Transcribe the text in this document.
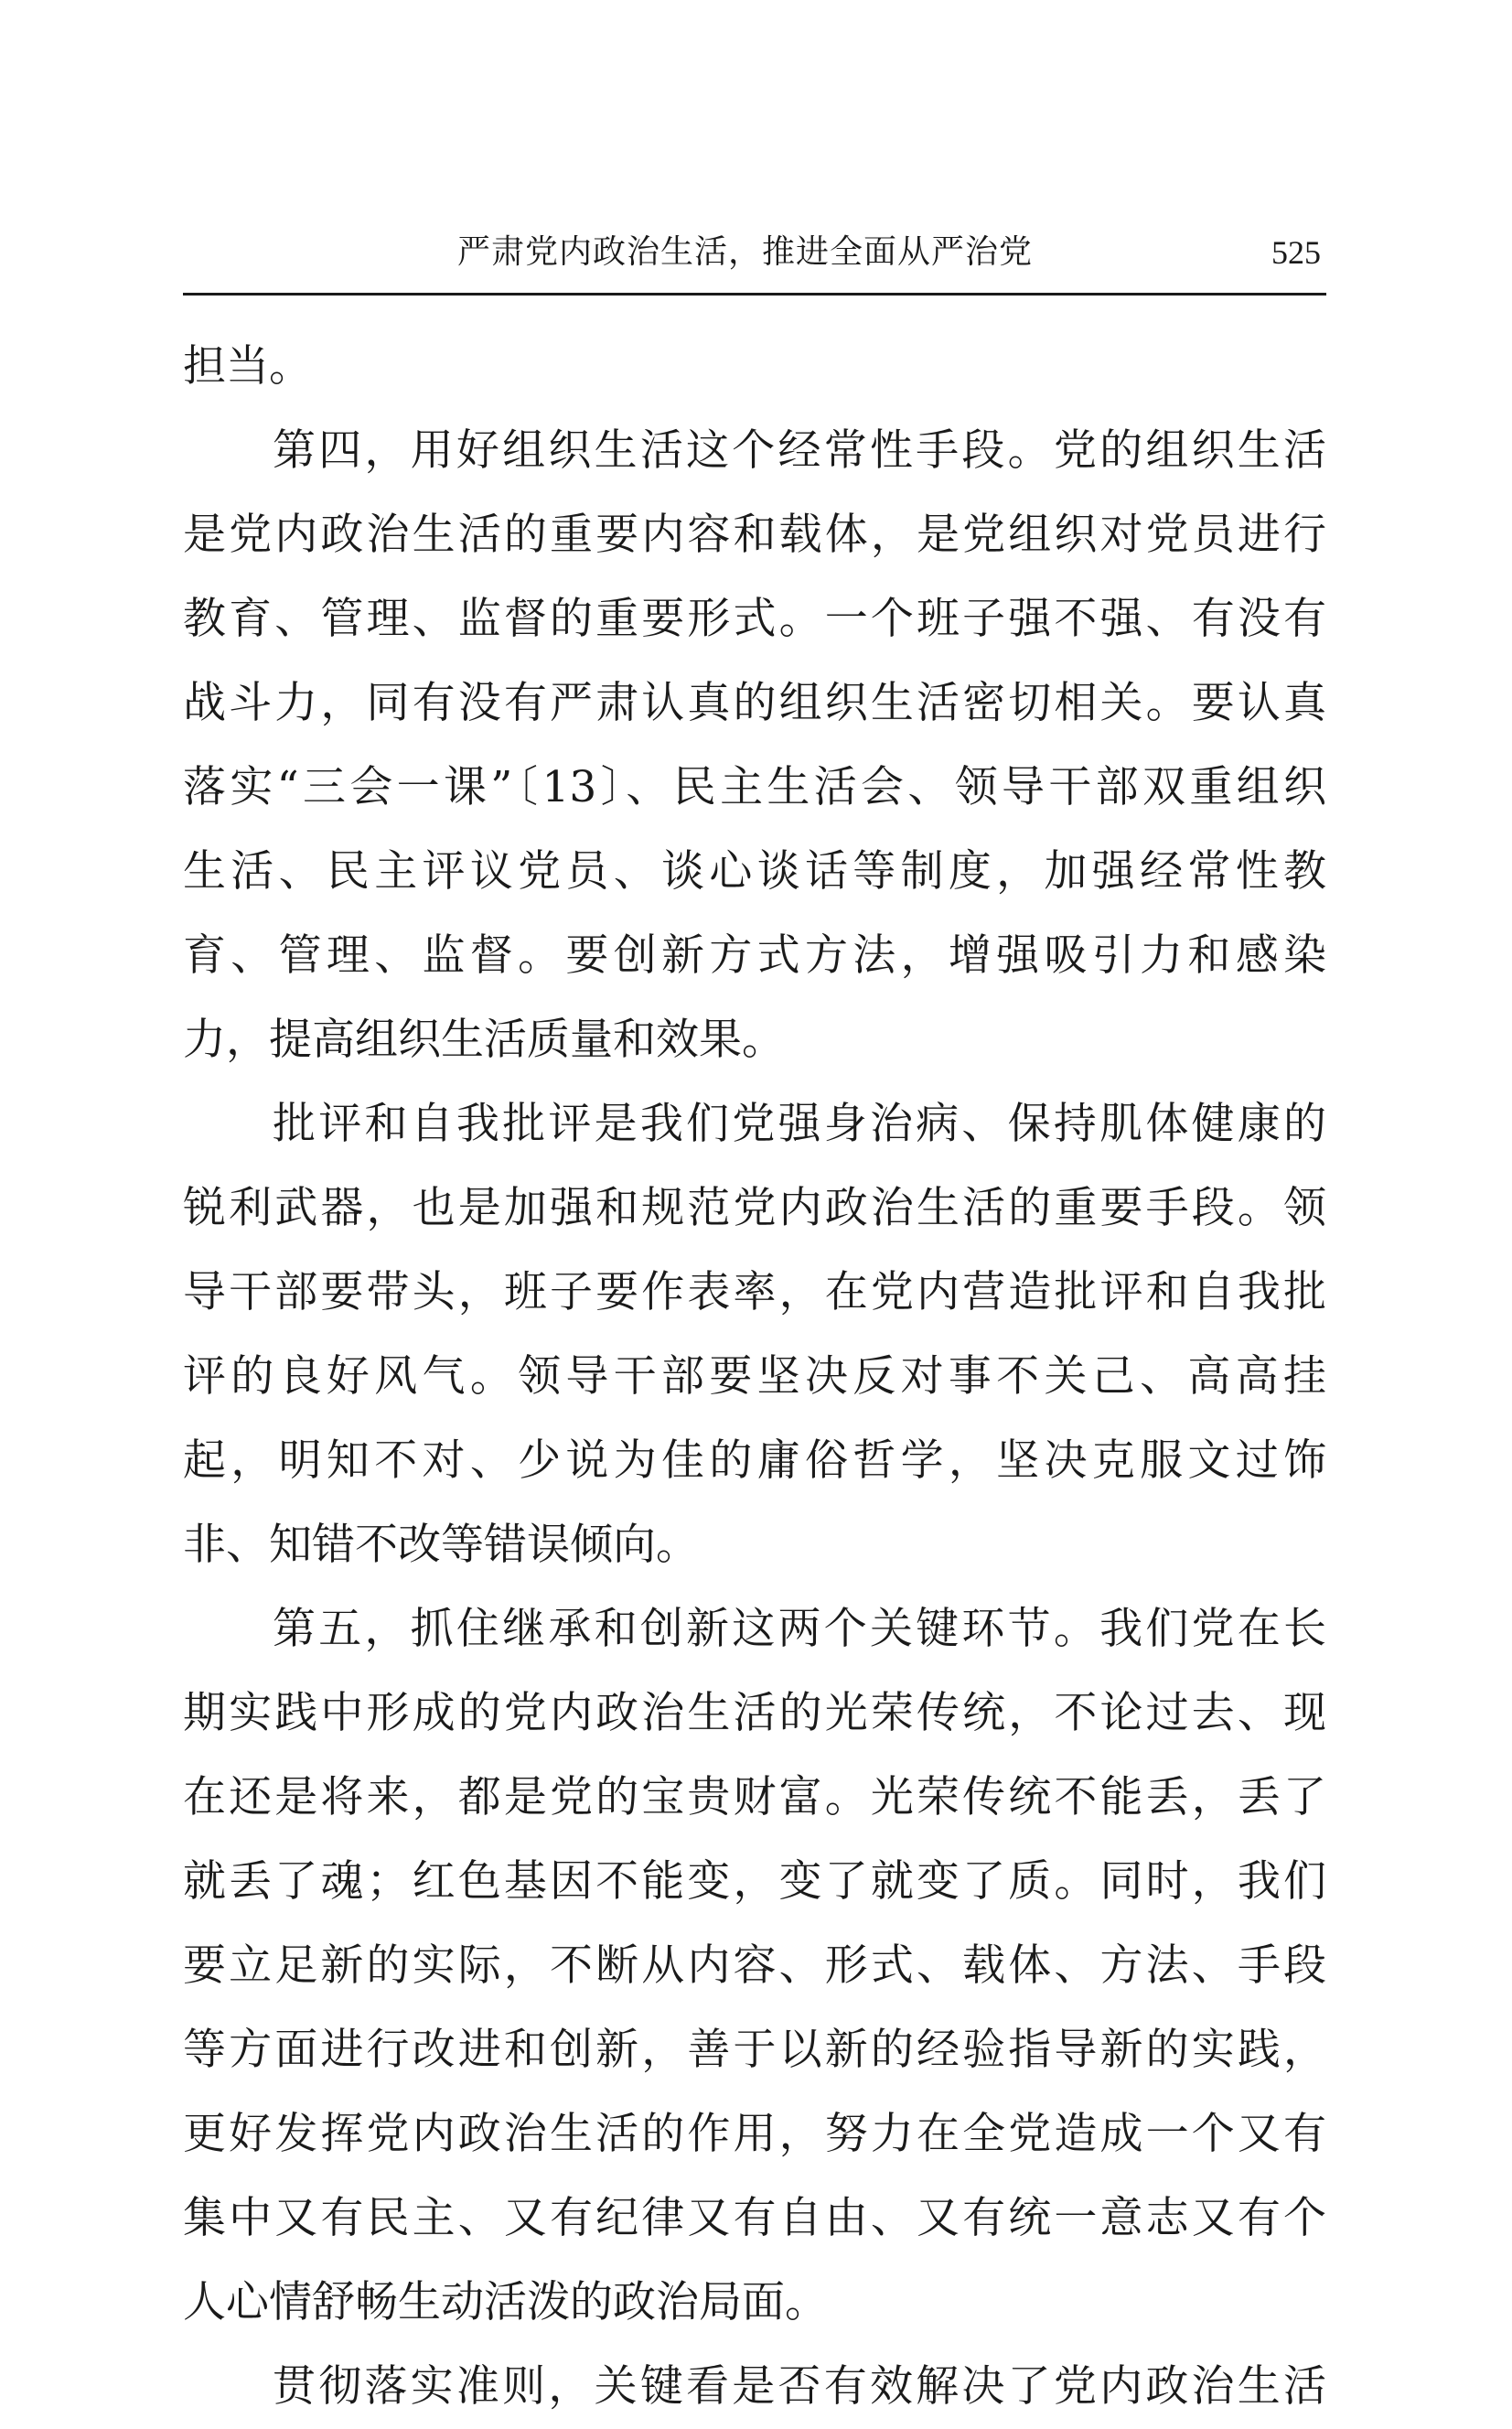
严肃党内政治生活，推进全面从严治党	525
担当。
第四，用好组织生活这个经常性手段。党的组织生活
是党内政治生活的重要内容和载体，是党组织对党员进行
教育、管理、监督的重要形式。一个班子强不强、有没有
战斗力，同有没有严肃认真的组织生活密切相关。要认真
落实“三会一课”〔13〕、民主生活会、领导干部双重组织
生活、民主评议党员、谈心谈话等制度，加强经常性教
育、管理、监督。要创新方式方法，增强吸引力和感染
力，提高组织生活质量和效果。
批评和自我批评是我们党强身治病、保持肌体健康的
锐利武器，也是加强和规范党内政治生活的重要手段。领
导干部要带头，班子要作表率，在党内营造批评和自我批
评的良好风气。领导干部要坚决反对事不关己、高高挂
起，明知不对、少说为佳的庸俗哲学，坚决克服文过饰
非、知错不改等错误倾向。
第五，抓住继承和创新这两个关键环节。我们党在长
期实践中形成的党内政治生活的光荣传统，不论过去、现
在还是将来，都是党的宝贵财富。光荣传统不能丢，丢了
就丢了魂；红色基因不能变，变了就变了质。同时，我们
要立足新的实际，不断从内容、形式、载体、方法、手段
等方面进行改进和创新，善于以新的经验指导新的实践，
更好发挥党内政治生活的作用，努力在全党造成一个又有
集中又有民主、又有纪律又有自由、又有统一意志又有个
人心情舒畅生动活泼的政治局面。
贯彻落实准则，关键看是否有效解决了党内政治生活
